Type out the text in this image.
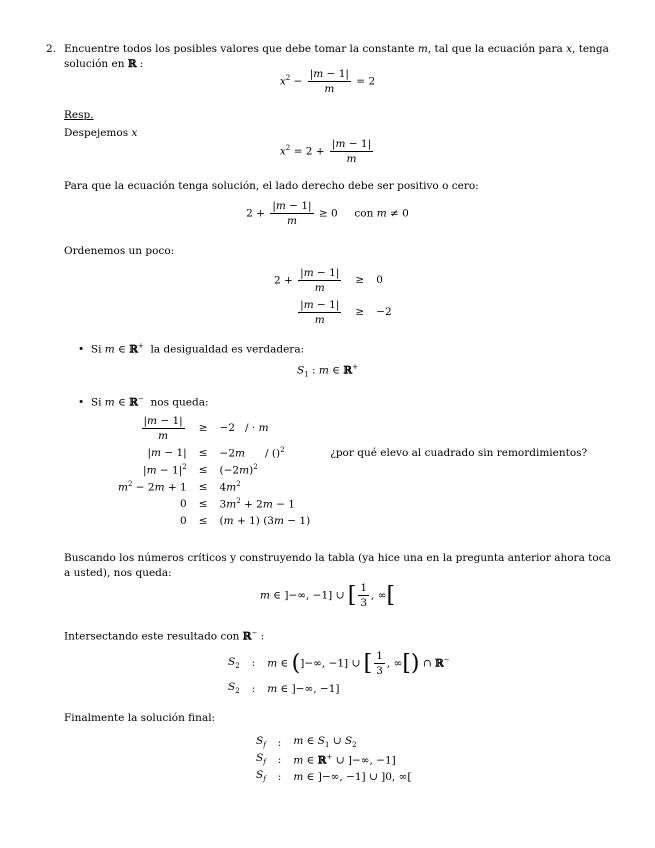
2. Encuentre todos los posibles valores que debe tomar la constante m, tal que la ecuación para x, tenga
solución en ℝ :
$x^2 - \frac{|m - 1|}{m} = 2$
Resp.
Despejemos x
$x^2 = 2 + \frac{|m - 1|}{m}$
Para que la ecuación tenga solución, el lado derecho debe ser positivo o cero:
$2 + \frac{|m - 1|}{m} \ge 0$     con m ≠ 0
Ordenemos un poco:
$2 + \frac{|m - 1|}{m}$	≥	0

$\frac{|m - 1|}{m}$	≥	−2
•  Si m ∈ ℝ+ la desigualdad es verdadera:
$S_1$ : m ∈ ℝ+
•  Si m ∈ ℝ− nos queda:
$\frac{|m - 1|}{m}$	≥	−2   / · m	
|m − 1|	≤	−2m      / ()$^2$	¿por qué elevo al cuadrado sin remordimientos?
$|m - 1|^2$	≤	$(-2m)^2$	
$m^2 - 2m + 1$	≤	$4m^2$	
0	≤	$3m^2 + 2m - 1$	
0	≤	(m + 1) (3m − 1)	
Buscando los números críticos y construyendo la tabla (ya hice una en la pregunta anterior ahora toca a usted), nos queda:
m ∈ ]−∞, −1] ∪ [ $\frac{1}{3}$ , ∞[
Intersectando este resultado con ℝ− :
$S_2$	:	m ∈ (]−∞, −1] ∪ [ $\frac{1}{3}$ , ∞[) ∩ ℝ−
$S_2$	:	m ∈ ]−∞, −1]
Finalmente la solución final:
$S_f$	:	m ∈ $S_1$ ∪ $S_2$
$S_f$	:	m ∈ ℝ+ ∪ ]−∞, −1]
$S_f$	:	m ∈ ]−∞, −1] ∪ ]0, ∞[
